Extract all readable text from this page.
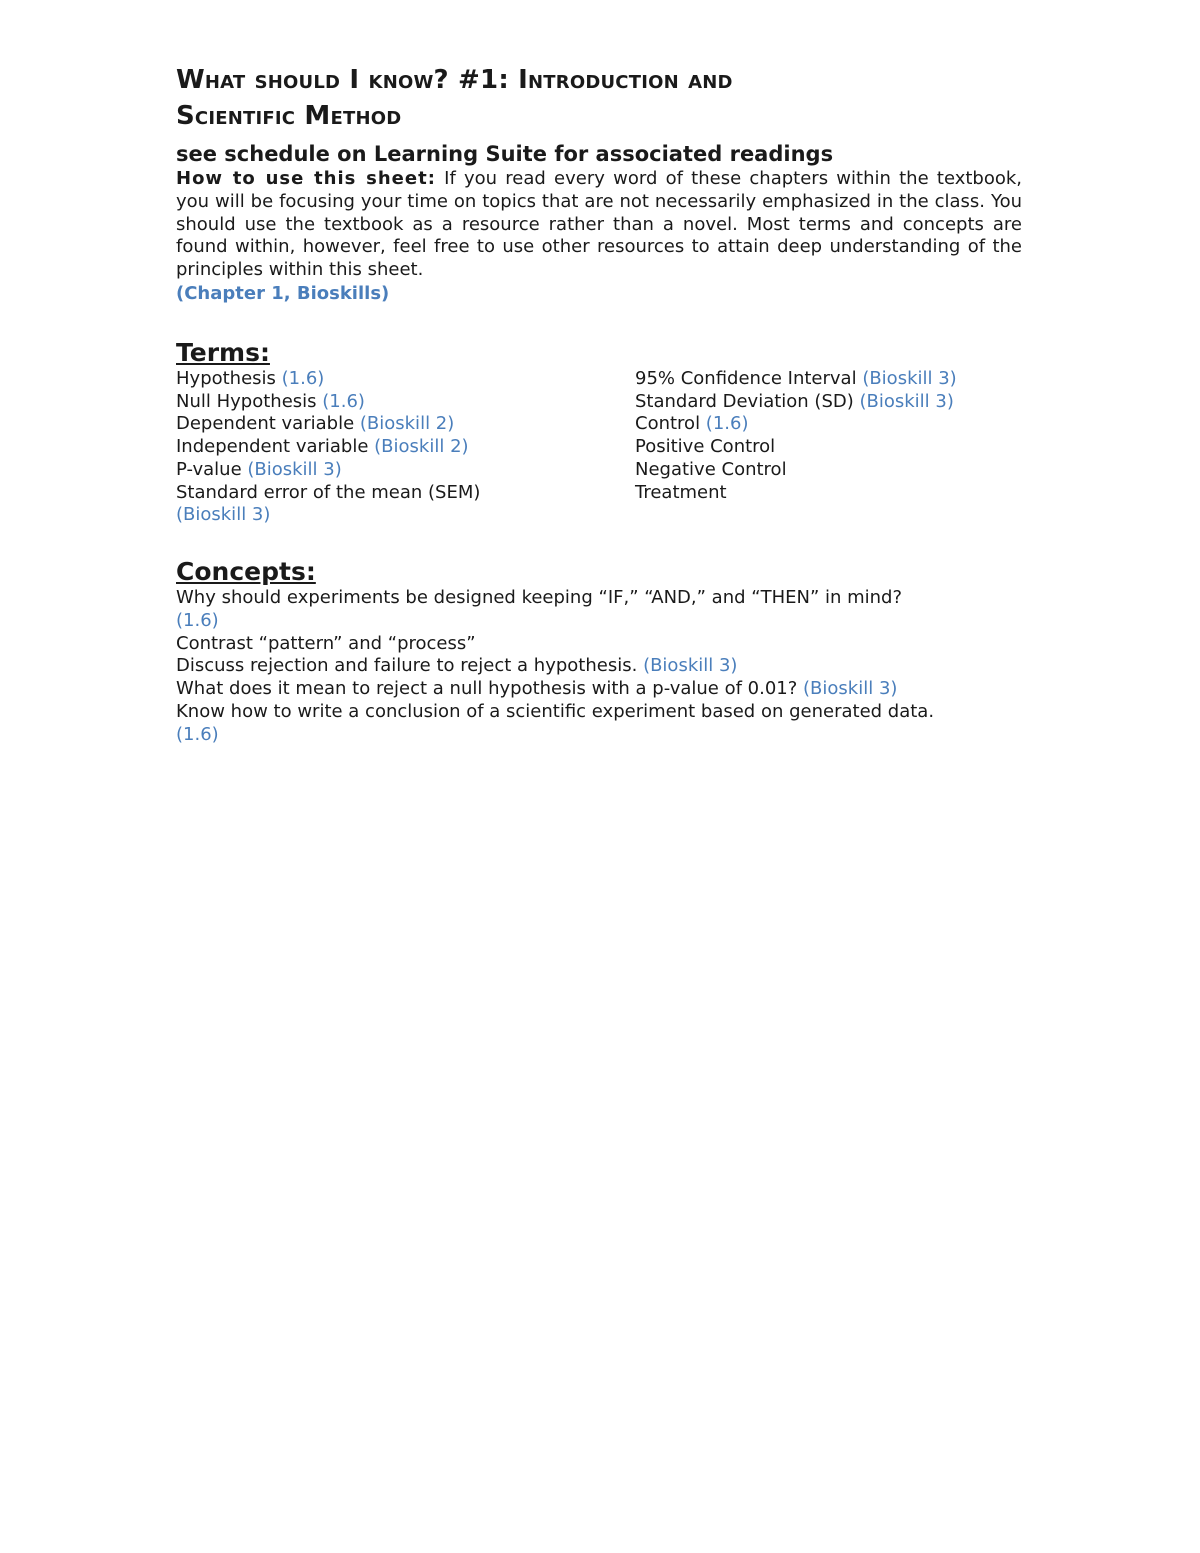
What should I know? #1: Introduction and
Scientific Method

see schedule on Learning Suite for associated readings

How to use this sheet: If you read every word of these chapters within the textbook, you will be focusing your time on topics that are not necessarily emphasized in the class. You should use the textbook as a resource rather than a novel. Most terms and concepts are found within, however, feel free to use other resources to attain deep understanding of the principles within this sheet.

(Chapter 1, Bioskills)

Terms:

Hypothesis (1.6)

Null Hypothesis (1.6)

Dependent variable (Bioskill 2)

Independent variable (Bioskill 2)

P-value (Bioskill 3)

Standard error of the mean (SEM)

(Bioskill 3)

95% Confidence Interval (Bioskill 3)

Standard Deviation (SD) (Bioskill 3)

Control (1.6)

Positive Control

Negative Control

Treatment

Concepts:

Why should experiments be designed keeping “IF,” “AND,” and “THEN” in mind?

(1.6)

Contrast “pattern” and “process”

Discuss rejection and failure to reject a hypothesis. (Bioskill 3)

What does it mean to reject a null hypothesis with a p-value of 0.01? (Bioskill 3)

Know how to write a conclusion of a scientific experiment based on generated data.

(1.6)
